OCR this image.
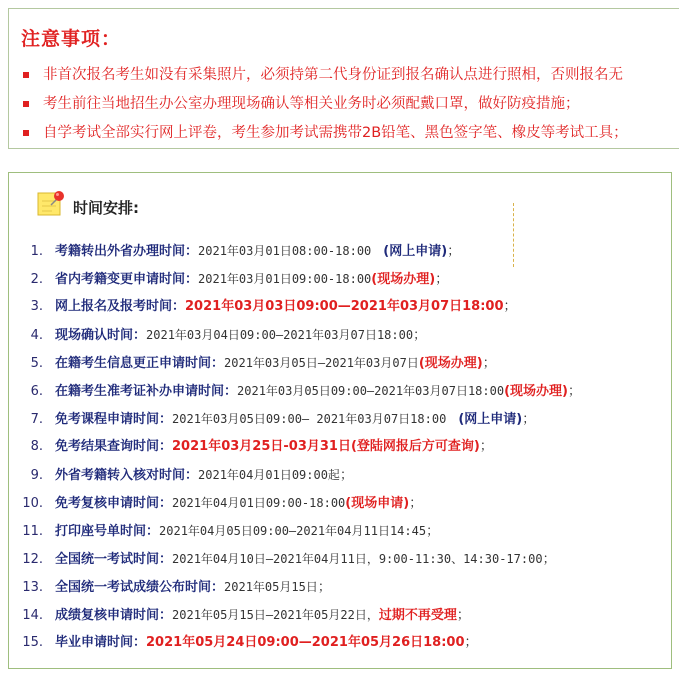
注意事项：
非首次报名考生如没有采集照片，必须持第二代身份证到报名确认点进行照相，否则报名无
考生前往当地招生办公室办理现场确认等相关业务时必须配戴口罩，做好防疫措施；
自学考试全部实行网上评卷，考生参加考试需携带2B铅笔、黑色签字笔、橡皮等考试工具；
时间安排:
1. 考籍转出外省办理时间：2021年03月01日08:00-18:00 (网上申请)；
2. 省内考籍变更申请时间：2021年03月01日09:00-18:00(现场办理)；
3. 网上报名及报考时间：2021年03月03日09:00—2021年03月07日18:00；
4. 现场确认时间：2021年03月04日09:00—2021年03月07日18:00；
5. 在籍考生信息更正申请时间：2021年03月05日—2021年03月07日(现场办理)；
6. 在籍考生准考证补办申请时间：2021年03月05日09:00—2021年03月07日18:00(现场办理)；
7. 免考课程申请时间：2021年03月05日09:00— 2021年03月07日18:00 (网上申请)；
8. 免考结果查询时间：2021年03月25日-03月31日(登陆网报后方可查询)；
9. 外省考籍转入核对时间：2021年04月01日09:00起；
10. 免考复核申请时间：2021年04月01日09:00-18:00(现场申请)；
11. 打印座号单时间：2021年04月05日09:00—2021年04月11日14:45；
12. 全国统一考试时间：2021年04月10日—2021年04月11日，9:00-11:30、14:30-17:00；
13. 全国统一考试成绩公布时间：2021年05月15日；
14. 成绩复核申请时间：2021年05月15日—2021年05月22日，过期不再受理；
15. 毕业申请时间：2021年05月24日09:00—2021年05月26日18:00；
